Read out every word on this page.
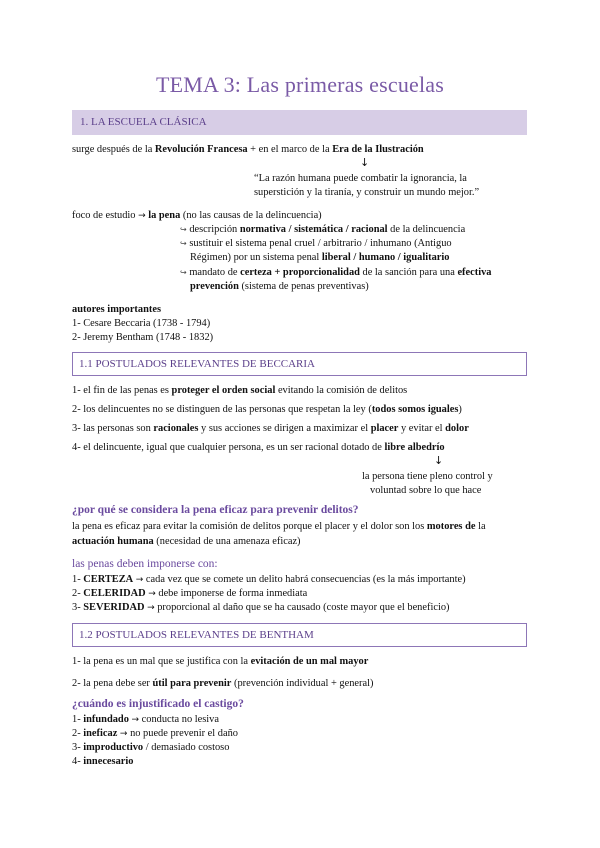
TEMA 3: Las primeras escuelas
1. LA ESCUELA CLÁSICA
surge después de la Revolución Francesa + en el marco de la Era de la Ilustración
↓
“La razón humana puede combatir la ignorancia, la
superstición y la tiranía, y construir un mundo mejor.”
foco de estudio → la pena (no las causas de la delincuencia)
↪ descripción normativa / sistemática / racional de la delincuencia
↪ sustituir el sistema penal cruel / arbitrario / inhumano (Antiguo
Régimen) por un sistema penal liberal / humano / igualitario
↪ mandato de certeza + proporcionalidad de la sanción para una efectiva
prevención (sistema de penas preventivas)
autores importantes
1- Cesare Beccaria (1738 - 1794)
2- Jeremy Bentham (1748 - 1832)
1.1 POSTULADOS RELEVANTES DE BECCARIA
1- el fin de las penas es proteger el orden social evitando la comisión de delitos
2- los delincuentes no se distinguen de las personas que respetan la ley (todos somos iguales)
3- las personas son racionales y sus acciones se dirigen a maximizar el placer y evitar el dolor
4- el delincuente, igual que cualquier persona, es un ser racional dotado de libre albedrío
↓
la persona tiene pleno control y
voluntad sobre lo que hace
¿por qué se considera la pena eficaz para prevenir delitos?
la pena es eficaz para evitar la comisión de delitos porque el placer y el dolor son los motores de la
actuación humana (necesidad de una amenaza eficaz)
las penas deben imponerse con:
1- CERTEZA → cada vez que se comete un delito habrá consecuencias (es la más importante)
2- CELERIDAD → debe imponerse de forma inmediata
3- SEVERIDAD → proporcional al daño que se ha causado (coste mayor que el beneficio)
1.2 POSTULADOS RELEVANTES DE BENTHAM
1- la pena es un mal que se justifica con la evitación de un mal mayor
2- la pena debe ser útil para prevenir (prevención individual + general)
¿cuándo es injustificado el castigo?
1- infundado → conducta no lesiva
2- ineficaz → no puede prevenir el daño
3- improductivo / demasiado costoso
4- innecesario
